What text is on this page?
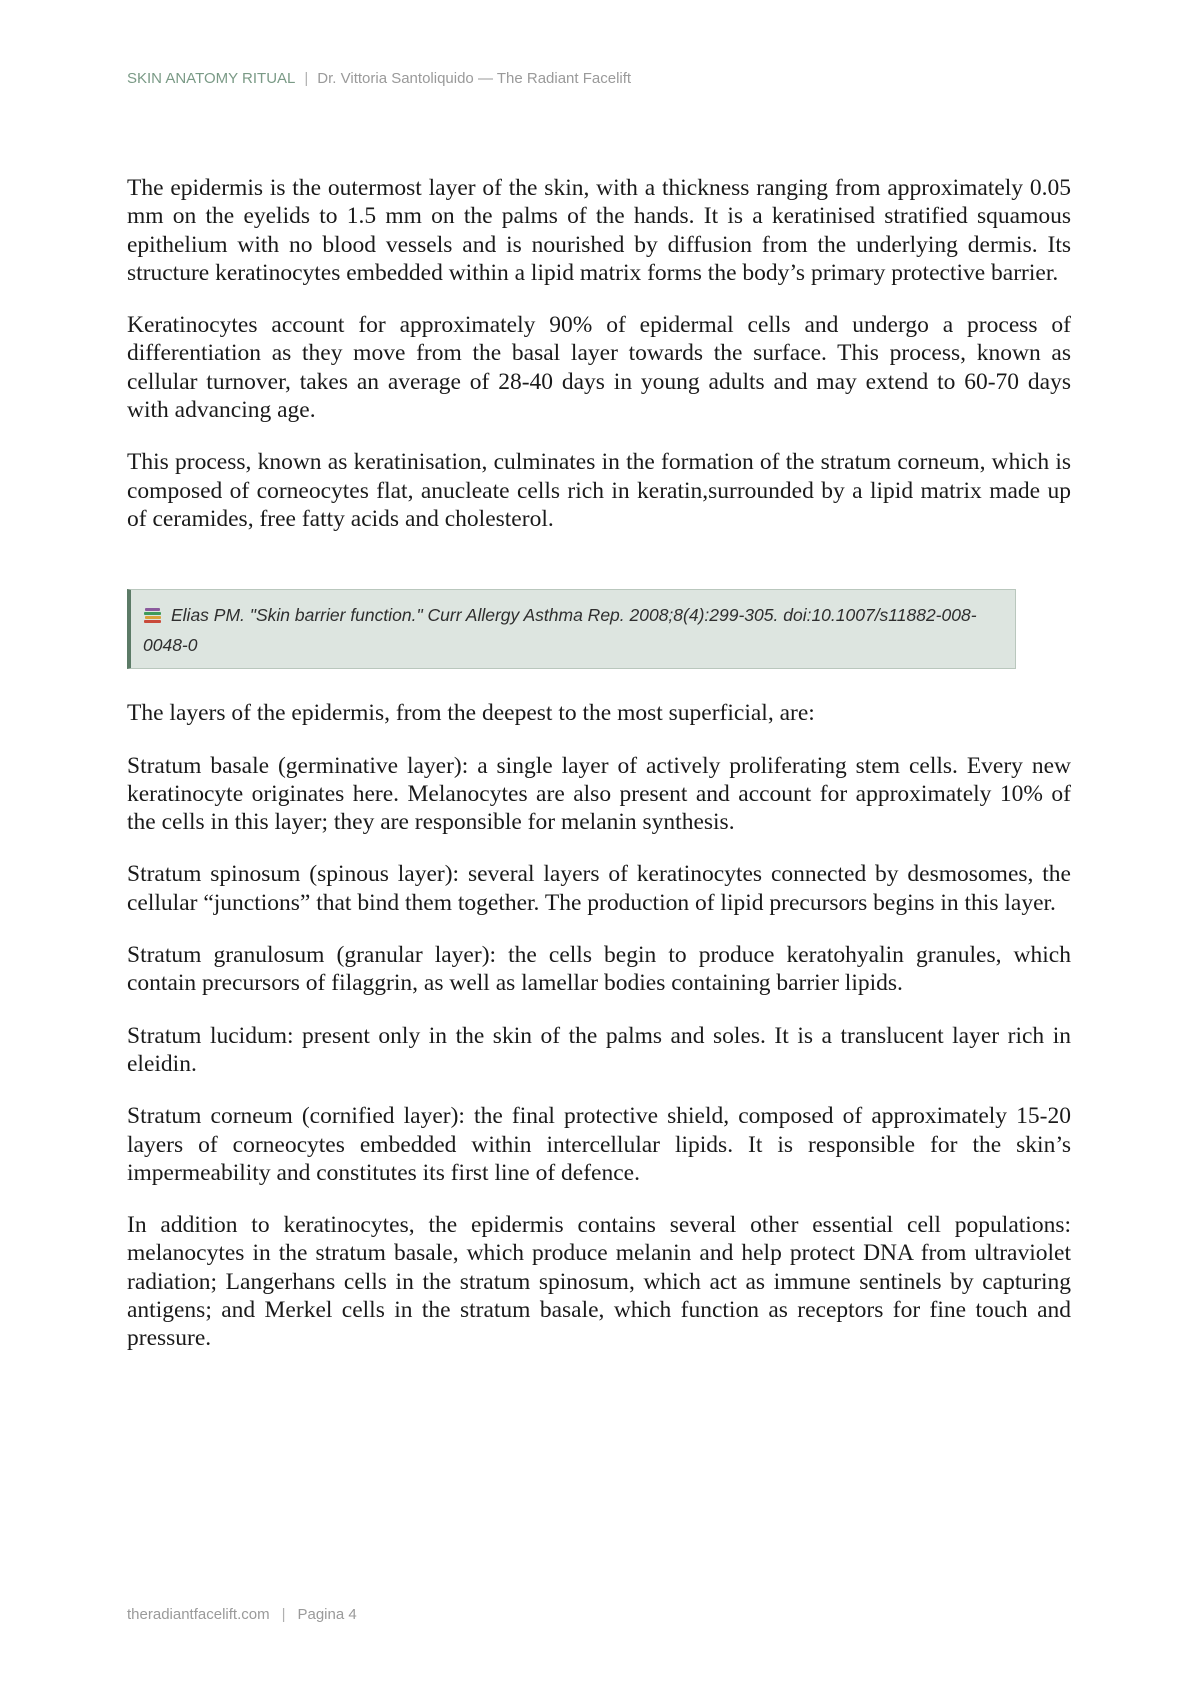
SKIN ANATOMY RITUAL | Dr. Vittoria Santoliquido — The Radiant Facelift

The epidermis is the outermost layer of the skin, with a thickness ranging from approximately 0.05 mm on the eyelids to 1.5 mm on the palms of the hands. It is a keratinised stratified squamous epithelium with no blood vessels and is nourished by diffusion from the underlying dermis. Its structure keratinocytes embedded within a lipid matrix forms the body’s primary protective barrier.

Keratinocytes account for approximately 90% of epidermal cells and undergo a process of differentiation as they move from the basal layer towards the surface. This process, known as cellular turnover, takes an average of 28-40 days in young adults and may extend to 60-70 days with advancing age.

This process, known as keratinisation, culminates in the formation of the stratum corneum, which is composed of corneocytes flat, anucleate cells rich in keratin,surrounded by a lipid matrix made up of ceramides, free fatty acids and cholesterol.

Elias PM. "Skin barrier function." Curr Allergy Asthma Rep. 2008;8(4):299-305. doi:10.1007/s11882-008-0048-0

The layers of the epidermis, from the deepest to the most superficial, are:

Stratum basale (germinative layer): a single layer of actively proliferating stem cells. Every new keratinocyte originates here. Melanocytes are also present and account for approximately 10% of the cells in this layer; they are responsible for melanin synthesis.

Stratum spinosum (spinous layer): several layers of keratinocytes connected by desmosomes, the cellular “junctions” that bind them together. The production of lipid precursors begins in this layer.

Stratum granulosum (granular layer): the cells begin to produce keratohyalin granules, which contain precursors of filaggrin, as well as lamellar bodies containing barrier lipids.

Stratum lucidum: present only in the skin of the palms and soles. It is a translucent layer rich in eleidin.

Stratum corneum (cornified layer): the final protective shield, composed of approximately 15-20 layers of corneocytes embedded within intercellular lipids. It is responsible for the skin’s impermeability and constitutes its first line of defence.

In addition to keratinocytes, the epidermis contains several other essential cell populations: melanocytes in the stratum basale, which produce melanin and help protect DNA from ultraviolet radiation; Langerhans cells in the stratum spinosum, which act as immune sentinels by capturing antigens; and Merkel cells in the stratum basale, which function as receptors for fine touch and pressure.

theradiantfacelift.com | Pagina 4
